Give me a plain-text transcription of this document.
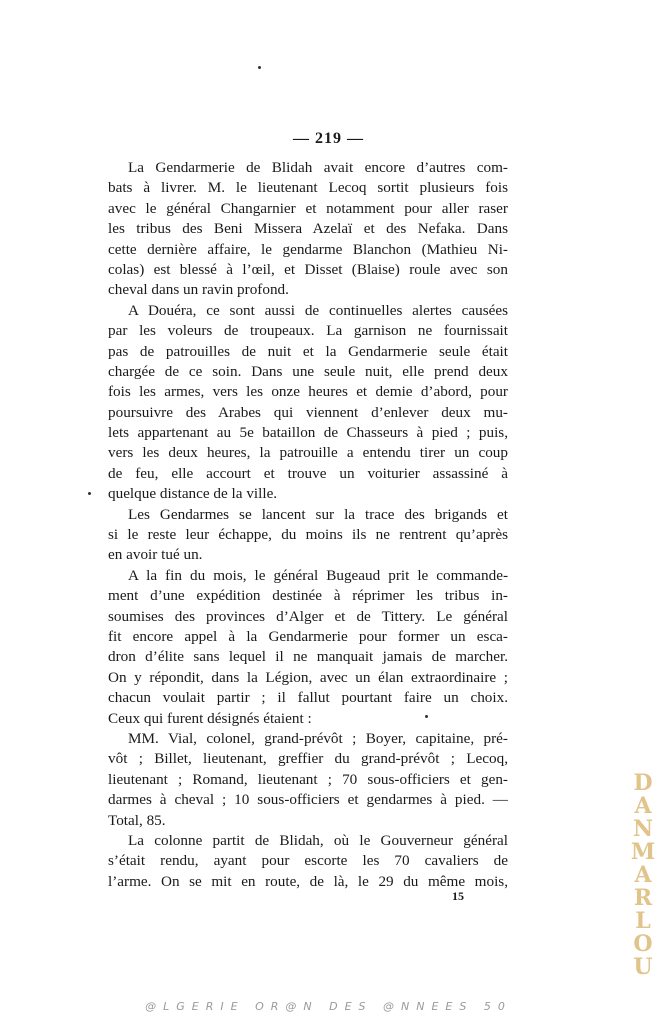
— 219 —
La Gendarmerie de Blidah avait encore d’autres com-
bats à livrer. M. le lieutenant Lecoq sortit plusieurs fois
avec le général Changarnier et notamment pour aller raser
les tribus des Beni Missera Azelaï et des Nefaka. Dans
cette dernière affaire, le gendarme Blanchon (Mathieu Ni-
colas) est blessé à l’œil, et Disset (Blaise) roule avec son
cheval dans un ravin profond.
A Douéra, ce sont aussi de continuelles alertes causées
par les voleurs de troupeaux. La garnison ne fournissait
pas de patrouilles de nuit et la Gendarmerie seule était
chargée de ce soin. Dans une seule nuit, elle prend deux
fois les armes, vers les onze heures et demie d’abord, pour
poursuivre des Arabes qui viennent d’enlever deux mu-
lets appartenant au 5e bataillon de Chasseurs à pied ; puis,
vers les deux heures, la patrouille a entendu tirer un coup
de feu, elle accourt et trouve un voiturier assassiné à
quelque distance de la ville.
Les Gendarmes se lancent sur la trace des brigands et
si le reste leur échappe, du moins ils ne rentrent qu’après
en avoir tué un.
A la fin du mois, le général Bugeaud prit le commande-
ment d’une expédition destinée à réprimer les tribus in-
soumises des provinces d’Alger et de Tittery. Le général
fit encore appel à la Gendarmerie pour former un esca-
dron d’élite sans lequel il ne manquait jamais de marcher.
On y répondit, dans la Légion, avec un élan extraordinaire ;
chacun voulait partir ; il fallut pourtant faire un choix.
Ceux qui furent désignés étaient :
MM. Vial, colonel, grand-prévôt ; Boyer, capitaine, pré-
vôt ; Billet, lieutenant, greffier du grand-prévôt ; Lecoq,
lieutenant ; Romand, lieutenant ; 70 sous-officiers et gen-
darmes à cheval ; 10 sous-officiers et gendarmes à pied. —
Total, 85.
La colonne partit de Blidah, où le Gouverneur général
s’était rendu, ayant pour escorte les 70 cavaliers de
l’arme. On se mit en route, de là, le 29 du même mois,
15
D
A
N
M
A
R
L
O
U
@LGERIE OR@N DES @NNEES 50
